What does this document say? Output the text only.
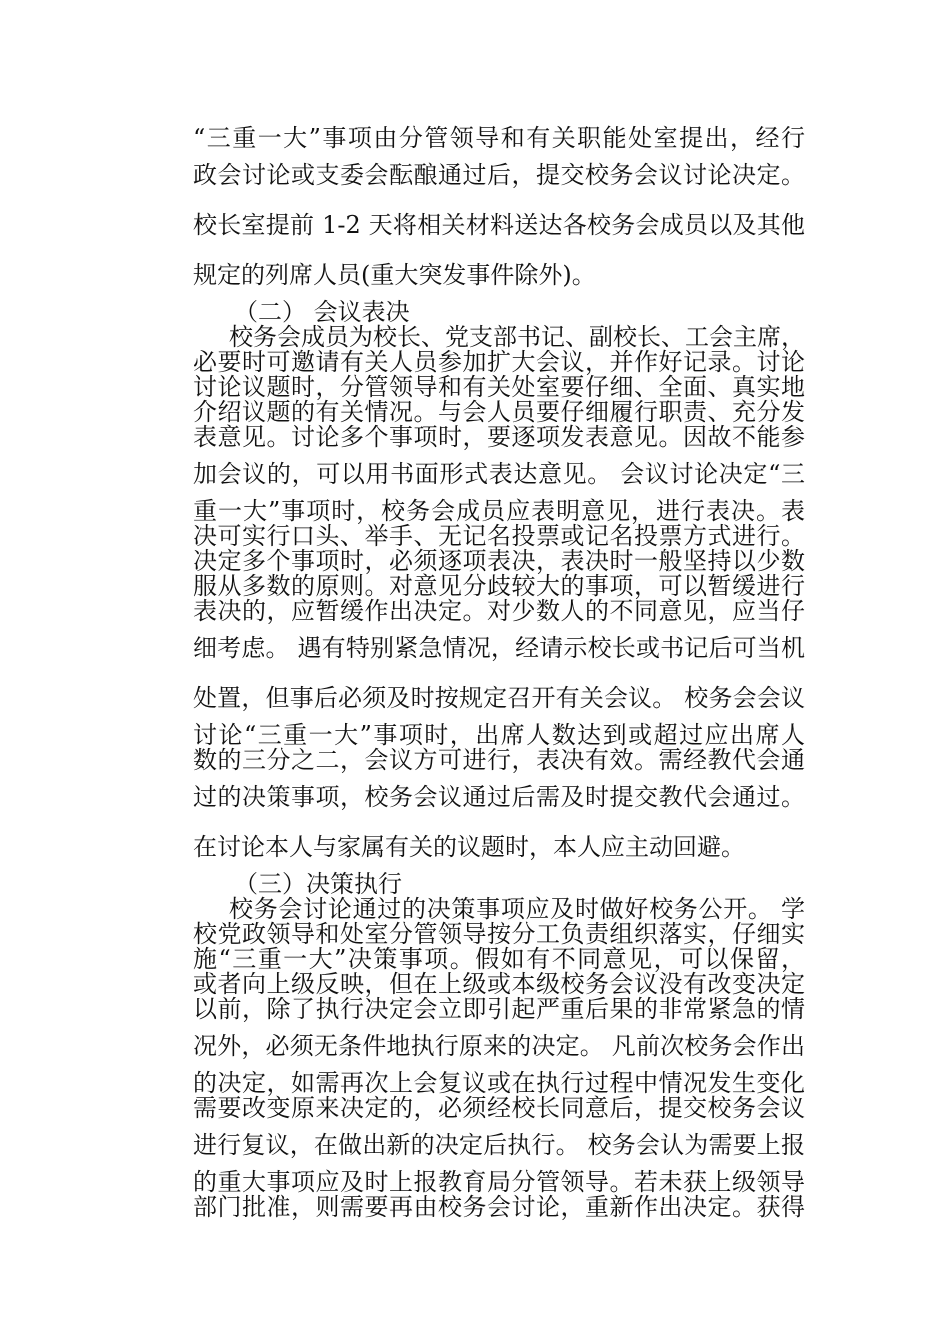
“三重一大”事项由分管领导和有关职能处室提出，经行

政会讨论或支委会酝酿通过后，提交校务会议讨论决定。

校长室提前 1-2 天将相关材料送达各校务会成员以及其他

规定的列席人员(重大突发事件除外)。

（二） 会议表决

校务会成员为校长、党支部书记、副校长、工会主席，

必要时可邀请有关人员参加扩大会议，并作好记录。讨论

讨论议题时，分管领导和有关处室要仔细、全面、真实地

介绍议题的有关情况。与会人员要仔细履行职责、充分发

表意见。讨论多个事项时，要逐项发表意见。因故不能参

加会议的，可以用书面形式表达意见。 会议讨论决定“三

重一大”事项时，校务会成员应表明意见，进行表决。表

决可实行口头、举手、无记名投票或记名投票方式进行。

决定多个事项时，必须逐项表决，表决时一般坚持以少数

服从多数的原则。对意见分歧较大的事项，可以暂缓进行

表决的，应暂缓作出决定。对少数人的不同意见，应当仔

细考虑。 遇有特别紧急情况，经请示校长或书记后可当机

处置，但事后必须及时按规定召开有关会议。 校务会会议

讨论“三重一大”事项时，出席人数达到或超过应出席人

数的三分之二，会议方可进行，表决有效。需经教代会通

过的决策事项，校务会议通过后需及时提交教代会通过。

在讨论本人与家属有关的议题时，本人应主动回避。

（三）决策执行

校务会讨论通过的决策事项应及时做好校务公开。 学

校党政领导和处室分管领导按分工负责组织落实，仔细实

施“三重一大”决策事项。假如有不同意见，可以保留，

或者向上级反映，但在上级或本级校务会议没有改变决定

以前，除了执行决定会立即引起严重后果的非常紧急的情

况外，必须无条件地执行原来的决定。 凡前次校务会作出

的决定，如需再次上会复议或在执行过程中情况发生变化

需要改变原来决定的，必须经校长同意后，提交校务会议

进行复议，在做出新的决定后执行。 校务会认为需要上报

的重大事项应及时上报教育局分管领导。若未获上级领导

部门批准，则需要再由校务会讨论，重新作出决定。获得
